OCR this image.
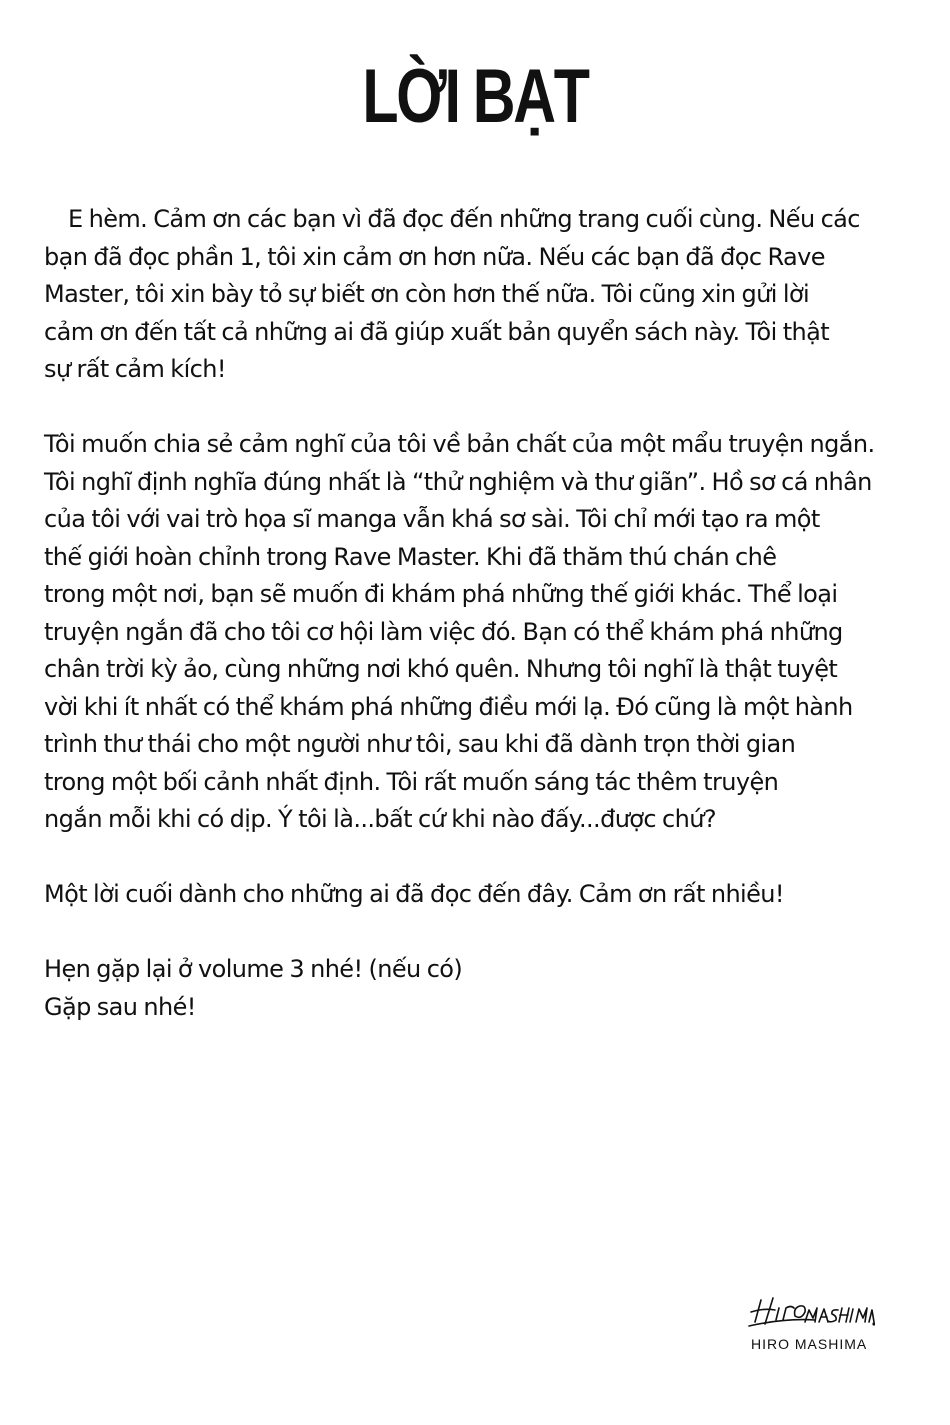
LỜI BẠT

E hèm. Cảm ơn các bạn vì đã đọc đến những trang cuối cùng. Nếu các
bạn đã đọc phần 1, tôi xin cảm ơn hơn nữa. Nếu các bạn đã đọc Rave
Master, tôi xin bày tỏ sự biết ơn còn hơn thế nữa. Tôi cũng xin gửi lời
cảm ơn đến tất cả những ai đã giúp xuất bản quyển sách này. Tôi thật
sự rất cảm kích!

Tôi muốn chia sẻ cảm nghĩ của tôi về bản chất của một mẩu truyện ngắn.
Tôi nghĩ định nghĩa đúng nhất là “thử nghiệm và thư giãn”. Hồ sơ cá nhân
của tôi với vai trò họa sĩ manga vẫn khá sơ sài. Tôi chỉ mới tạo ra một
thế giới hoàn chỉnh trong Rave Master. Khi đã thăm thú chán chê
trong một nơi, bạn sẽ muốn đi khám phá những thế giới khác. Thể loại
truyện ngắn đã cho tôi cơ hội làm việc đó. Bạn có thể khám phá những
chân trời kỳ ảo, cùng những nơi khó quên. Nhưng tôi nghĩ là thật tuyệt
vời khi ít nhất có thể khám phá những điều mới lạ. Đó cũng là một hành
trình thư thái cho một người như tôi, sau khi đã dành trọn thời gian
trong một bối cảnh nhất định. Tôi rất muốn sáng tác thêm truyện
ngắn mỗi khi có dịp. Ý tôi là...bất cứ khi nào đấy...được chứ?

Một lời cuối dành cho những ai đã đọc đến đây. Cảm ơn rất nhiều!

Hẹn gặp lại ở volume 3 nhé! (nếu có)
Gặp sau nhé!

HIRO MASHIMA
